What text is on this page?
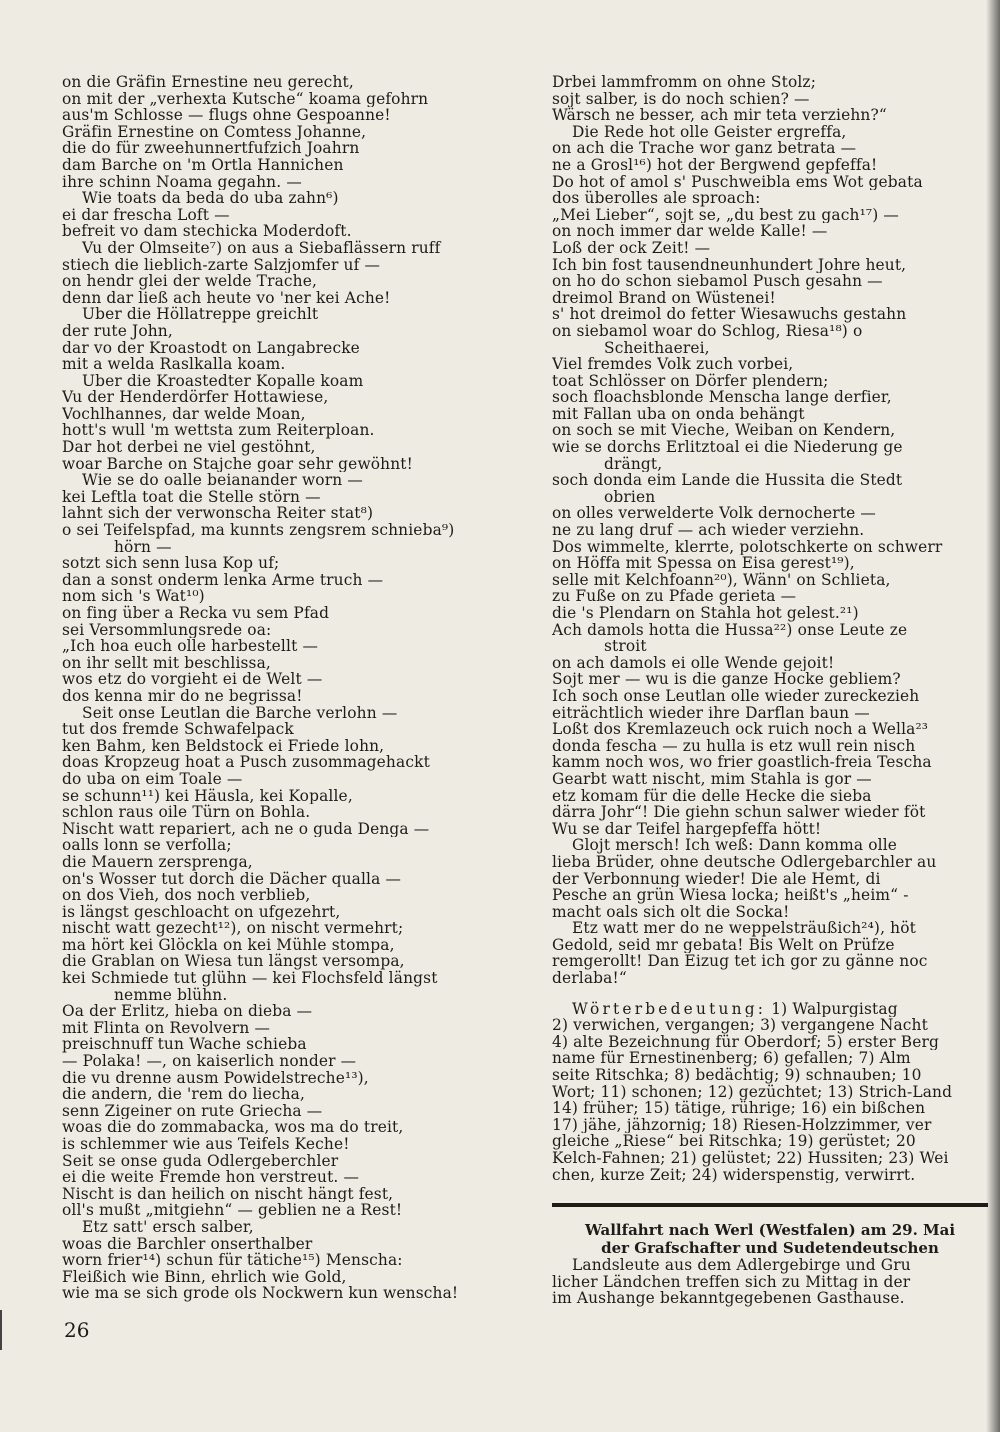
on die Gräfin Ernestine neu gerecht,
on mit der „verhexta Kutsche“ koama gefohrn
aus'm Schlosse — flugs ohne Gespoanne!
Gräfin Ernestine on Comtess Johanne,
die do für zweehunnertfufzich Joahrn
dam Barche on 'm Örtla Hannichen
ihre schinn Noama gegahn. —
Wie toats da beda do uba zahn⁶)
ei dar frescha Loft —
befreit vo dam stechicka Moderdoft.
Vu der Olmseite⁷) on aus a Siebaflässern ruff
stiech die lieblich-zarte Salzjomfer uf —
on hendr glei der welde Trache,
denn dar ließ ach heute vo 'ner kei Ache!
Über die Höllatreppe greichlt
der rute John,
dar vo der Kroastodt on Langabrecke
mit a welda Raslkalla koam.
Über die Kroastedter Kopalle koam
Vu der Henderdörfer Hottawiese,
Vochlhannes, dar welde Moan,
hott's wull 'm wettsta zum Reiterploan.
Dar hot derbei ne viel gestöhnt,
woar Barche on Stajche goar sehr gewöhnt!
Wie se do oalle beianander worn —
kei Leftla toat die Stelle störn —
lahnt sich der verwonscha Reiter stat⁸)
o sei Teifelspfad, ma kunnts zengsrem schnieba⁹)
hörn —
sotzt sich senn lusa Kop uf;
dan a sonst onderm lenka Arme truch —
nom sich 's Wat¹⁰)
on fing über a Recka vu sem Pfad
sei Versommlungsrede oa:
„Ich hoa euch olle harbestellt —
on ihr sellt mit beschlissa,
wos etz do vorgieht ei de Welt —
dos kenna mir do ne begrissa!
Seit onse Leutlan die Barche verlohn —
tut dos fremde Schwafelpack
ken Bahm, ken Beldstock ei Friede lohn,
doas Kropzeug hoat a Pusch zusommagehackt
do uba on eim Toale —
se schunn¹¹) kei Häusla, kei Kopalle,
schlon raus oile Türn on Bohla.
Nischt watt repariert, ach ne o guda Denga —
oalls lonn se verfolla;
die Mauern zersprenga,
on's Wosser tut dorch die Dächer qualla —
on dos Vieh, dos noch verblieb,
is längst geschloacht on ufgezehrt,
nischt watt gezecht¹²), on nischt vermehrt;
ma hört kei Glöckla on kei Mühle stompa,
die Grablan on Wiesa tun längst versompa,
kei Schmiede tut glühn — kei Flochsfeld längst
nemme blühn.
Oa der Erlitz, hieba on dieba —
mit Flinta on Revolvern —
preischnuff tun Wache schieba
— Polaka! —, on kaiserlich nonder —
die vu drenne ausm Powidelstreche¹³),
die andern, die 'rem do liecha,
senn Zigeiner on rute Griecha —
woas die do zommabacka, wos ma do treit,
is schlemmer wie aus Teifels Keche!
Seit se onse guda Odlergeberchler
ei die weite Fremde hon verstreut. —
Nischt is dan heilich on nischt hängt fest,
oll's mußt „mitgiehn“ — geblien ne a Rest!
Etz satt' ersch salber,
woas die Barchler onserthalber
worn frier¹⁴) schun für tätiche¹⁵) Menscha:
Fleißich wie Binn, ehrlich wie Gold,
wie ma se sich grode ols Nockwern kun wenscha!
Drbei lammfromm on ohne Stolz;
sojt salber, is do noch schien? —
Wärsch ne besser, ach mir teta verziehn?“
Die Rede hot olle Geister ergreffa,
on ach die Trache wor ganz betrata —
ne a Grosl¹⁶) hot der Bergwend gepfeffa!
Do hot of amol s' Puschweibla ems Wot gebata
dos überolles ale sproach:
„Mei Lieber“, sojt se, „du best zu gach¹⁷) —
on noch immer dar welde Kalle! —
Loß der ock Zeit! —
Ich bin fost tausendneunhundert Johre heut,
on ho do schon siebamol Pusch gesahn —
dreimol Brand on Wüstenei!
s' hot dreimol do fetter Wiesawuchs gestahn
on siebamol woar do Schlog, Riesa¹⁸) o
Scheithaerei,
Viel fremdes Volk zuch vorbei,
toat Schlösser on Dörfer plendern;
soch floachsblonde Menscha lange derfier,
mit Fallan uba on onda behängt
on soch se mit Vieche, Weiban on Kendern,
wie se dorchs Erlitztoal ei die Niederung ge
drängt,
soch donda eim Lande die Hussita die Stedt
obrien
on olles verwelderte Volk dernocherte —
ne zu lang druf — ach wieder verziehn.
Dos wimmelte, klerrte, polotschkerte on schwerr
on Höffa mit Spessa on Eisa gerest¹⁹),
selle mit Kelchfoann²⁰), Wänn' on Schlieta,
zu Fuße on zu Pfade gerieta —
die 's Plendarn on Stahla hot gelest.²¹)
Ach damols hotta die Hussa²²) onse Leute ze
stroit
on ach damols ei olle Wende gejoit!
Sojt mer — wu is die ganze Hocke gebliem?
Ich soch onse Leutlan olle wieder zureckezieh
eiträchtlich wieder ihre Darflan baun —
Loßt dos Kremlazeuch ock ruich noch a Wella²³
donda fescha — zu hulla is etz wull rein nisch
kamm noch wos, wo frier goastlich-freia Tescha
Gearbt watt nischt, mim Stahla is gor —
etz komam für die delle Hecke die sieba
därra Johr“! Die giehn schun salwer wieder föt
Wu se dar Teifel hargepfeffa hött!
Glojt mersch! Ich weß: Dann komma olle
lieba Brüder, ohne deutsche Odlergebarchler au
der Verbonnung wieder! Die ale Hemt, di
Pesche an grün Wiesa locka; heißt's „heim“ -
macht oals sich olt die Socka!
Etz watt mer do ne weppelsträußich²⁴), höt
Gedold, seid mr gebata! Bis Welt on Prüfze
remgerollt! Dan Eizug tet ich gor zu gänne noc
derlaba!“
Wörterbedeutung: 1) Walpurgistag
2) verwichen, vergangen; 3) vergangene Nacht
4) alte Bezeichnung für Oberdorf; 5) erster Berg
name für Ernestinenberg; 6) gefallen; 7) Alm
seite Ritschka; 8) bedächtig; 9) schnauben; 10
Wort; 11) schonen; 12) gezüchtet; 13) Strich-Land
14) früher; 15) tätige, rührige; 16) ein bißchen
17) jähe, jähzornig; 18) Riesen-Holzzimmer, ver
gleiche „Riese“ bei Ritschka; 19) gerüstet; 20
Kelch-Fahnen; 21) gelüstet; 22) Hussiten; 23) Wei
chen, kurze Zeit; 24) widerspenstig, verwirrt.
Wallfahrt nach Werl (Westfalen) am 29. Mai
der Grafschafter und Sudetendeutschen
Landsleute aus dem Adlergebirge und Gru
licher Ländchen treffen sich zu Mittag in der
im Aushange bekanntgegebenen Gasthause.
26
